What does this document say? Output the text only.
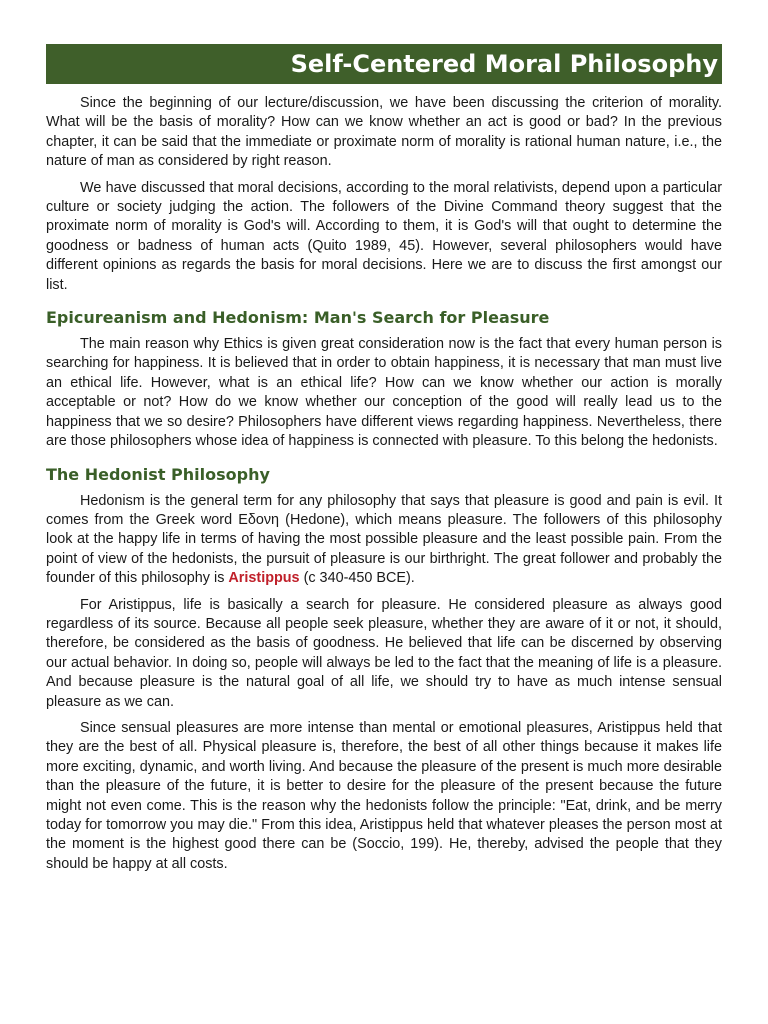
Self-Centered Moral Philosophy

Since the beginning of our lecture/discussion, we have been discussing the criterion of morality. What will be the basis of morality? How can we know whether an act is good or bad? In the previous chapter, it can be said that the immediate or proximate norm of morality is rational human nature, i.e., the nature of man as considered by right reason.

We have discussed that moral decisions, according to the moral relativists, depend upon a particular culture or society judging the action. The followers of the Divine Command theory suggest that the proximate norm of morality is God's will. According to them, it is God's will that ought to determine the goodness or badness of human acts (Quito 1989, 45). However, several philosophers would have different opinions as regards the basis for moral decisions. Here we are to discuss the first amongst our list.

Epicureanism and Hedonism: Man's Search for Pleasure

The main reason why Ethics is given great consideration now is the fact that every human person is searching for happiness. It is believed that in order to obtain happiness, it is necessary that man must live an ethical life. However, what is an ethical life? How can we know whether our action is morally acceptable or not? How do we know whether our conception of the good will really lead us to the happiness that we so desire? Philosophers have different views regarding happiness. Nevertheless, there are those philosophers whose idea of happiness is connected with pleasure. To this belong the hedonists.

The Hedonist Philosophy

Hedonism is the general term for any philosophy that says that pleasure is good and pain is evil. It comes from the Greek word Εδονη (Hedone), which means pleasure. The followers of this philosophy look at the happy life in terms of having the most possible pleasure and the least possible pain. From the point of view of the hedonists, the pursuit of pleasure is our birthright. The great follower and probably the founder of this philosophy is Aristippus (c 340-450 BCE).

For Aristippus, life is basically a search for pleasure. He considered pleasure as always good regardless of its source. Because all people seek pleasure, whether they are aware of it or not, it should, therefore, be considered as the basis of goodness. He believed that life can be discerned by observing our actual behavior. In doing so, people will always be led to the fact that the meaning of life is a pleasure. And because pleasure is the natural goal of all life, we should try to have as much intense sensual pleasure as we can.

Since sensual pleasures are more intense than mental or emotional pleasures, Aristippus held that they are the best of all. Physical pleasure is, therefore, the best of all other things because it makes life more exciting, dynamic, and worth living. And because the pleasure of the present is much more desirable than the pleasure of the future, it is better to desire for the pleasure of the present because the future might not even come. This is the reason why the hedonists follow the principle: "Eat, drink, and be merry today for tomorrow you may die." From this idea, Aristippus held that whatever pleases the person most at the moment is the highest good there can be (Soccio, 199). He, thereby, advised the people that they should be happy at all costs.
